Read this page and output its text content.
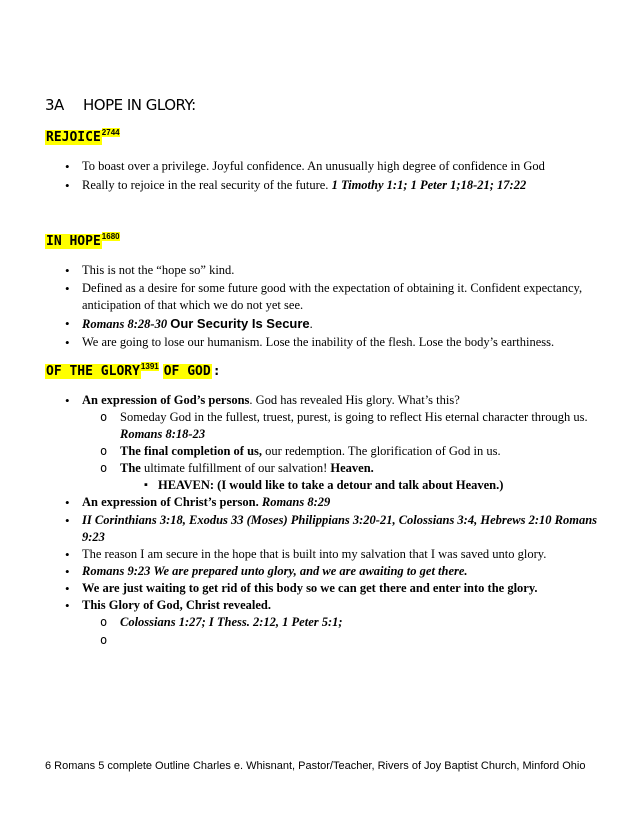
3A HOPE IN GLORY:
$REJOICE^{2744}$
• To boast over a privilege. Joyful confidence. An unusually high degree of confidence in God
• Really to rejoice in the real security of the future. 1 Timothy 1:1; 1 Peter 1;18-21; 17:22
IN $HOPE^{1680}$
• This is not the “hope so” kind.
• Defined as a desire for some future good with the expectation of obtaining it. Confident expectancy,
anticipation of that which we do not yet see.
• Romans 8:28-30 Our Security Is Secure.
• We are going to lose our humanism. Lose the inability of the flesh. Lose the body’s earthiness.
OF THE $GLORY^{1391}$ OF GOD :
• An expression of God’s persons. God has revealed His glory. What’s this?
o Someday God in the fullest, truest, purest, is going to reflect His eternal character through us.
Romans 8:18-23
o The final completion of us, our redemption. The glorification of God in us.
o The ultimate fulfillment of our salvation! Heaven.
▪ HEAVEN: (I would like to take a detour and talk about Heaven.)
• An expression of Christ’s person. Romans 8:29
• II Corinthians 3:18, Exodus 33 (Moses) Philippians 3:20-21, Colossians 3:4, Hebrews 2:10 Romans
9:23
• The reason I am secure in the hope that is built into my salvation that I was saved unto glory.
• Romans 9:23 We are prepared unto glory, and we are awaiting to get there.
• We are just waiting to get rid of this body so we can get there and enter into the glory.
• This Glory of God, Christ revealed.
o Colossians 1:27; I Thess. 2:12, 1 Peter 5:1;
6 Romans 5 complete Outline Charles e. Whisnant, Pastor/Teacher, Rivers of Joy Baptist Church, Minford Ohio
